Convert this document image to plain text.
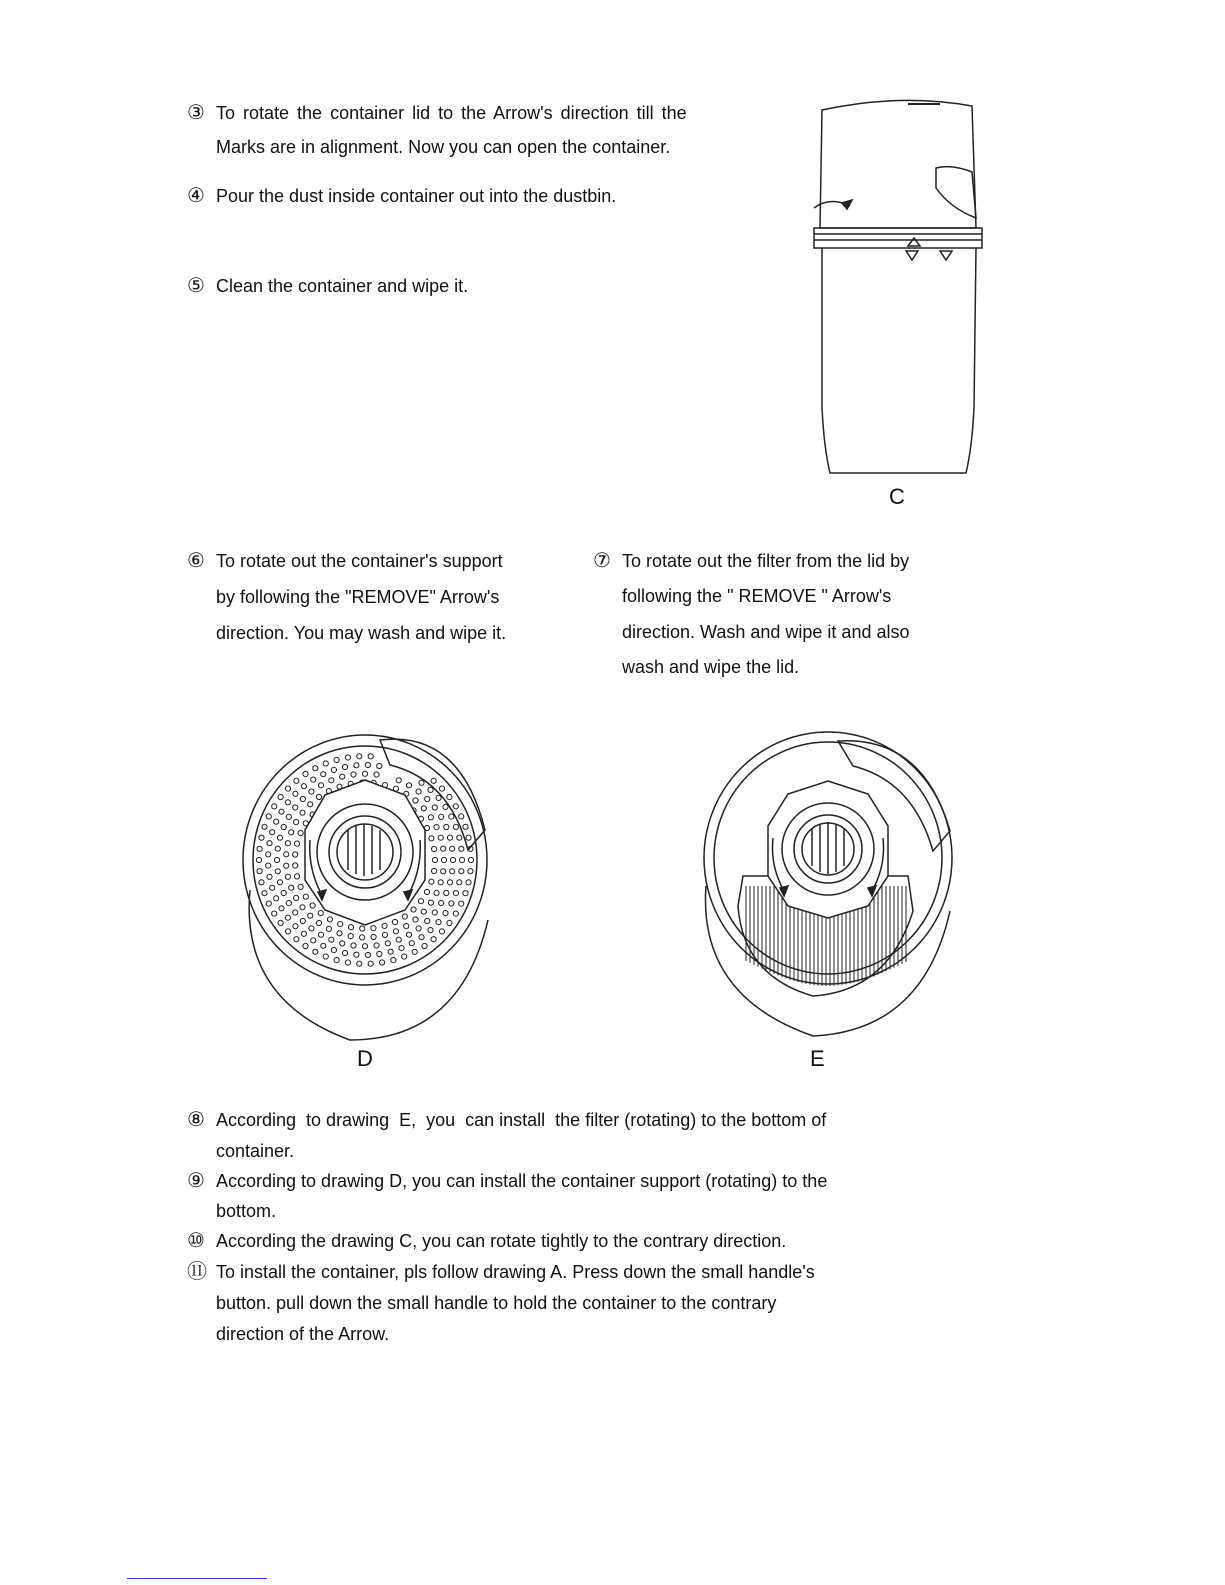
③ To rotate the container lid to the Arrow's direction till the
Marks are in alignment. Now you can open the container.
④ Pour the dust inside container out into the dustbin.
⑤ Clean the container and wipe it.
C
⑥ To rotate out the container's support
by following the "REMOVE" Arrow's
direction. You may wash and wipe it.
⑦ To rotate out the filter from the lid by
following the " REMOVE " Arrow's
direction. Wash and wipe it and also
wash and wipe the lid.
D	E
⑧ According  to drawing  E,  you  can install  the filter (rotating) to the bottom of
container.
⑨ According to drawing D, you can install the container support (rotating) to the
bottom.
⑩ According the drawing C, you can rotate tightly to the contrary direction.
⑪ To install the container, pls follow drawing A. Press down the small handle's
button. pull down the small handle to hold the container to the contrary
direction of the Arrow.
